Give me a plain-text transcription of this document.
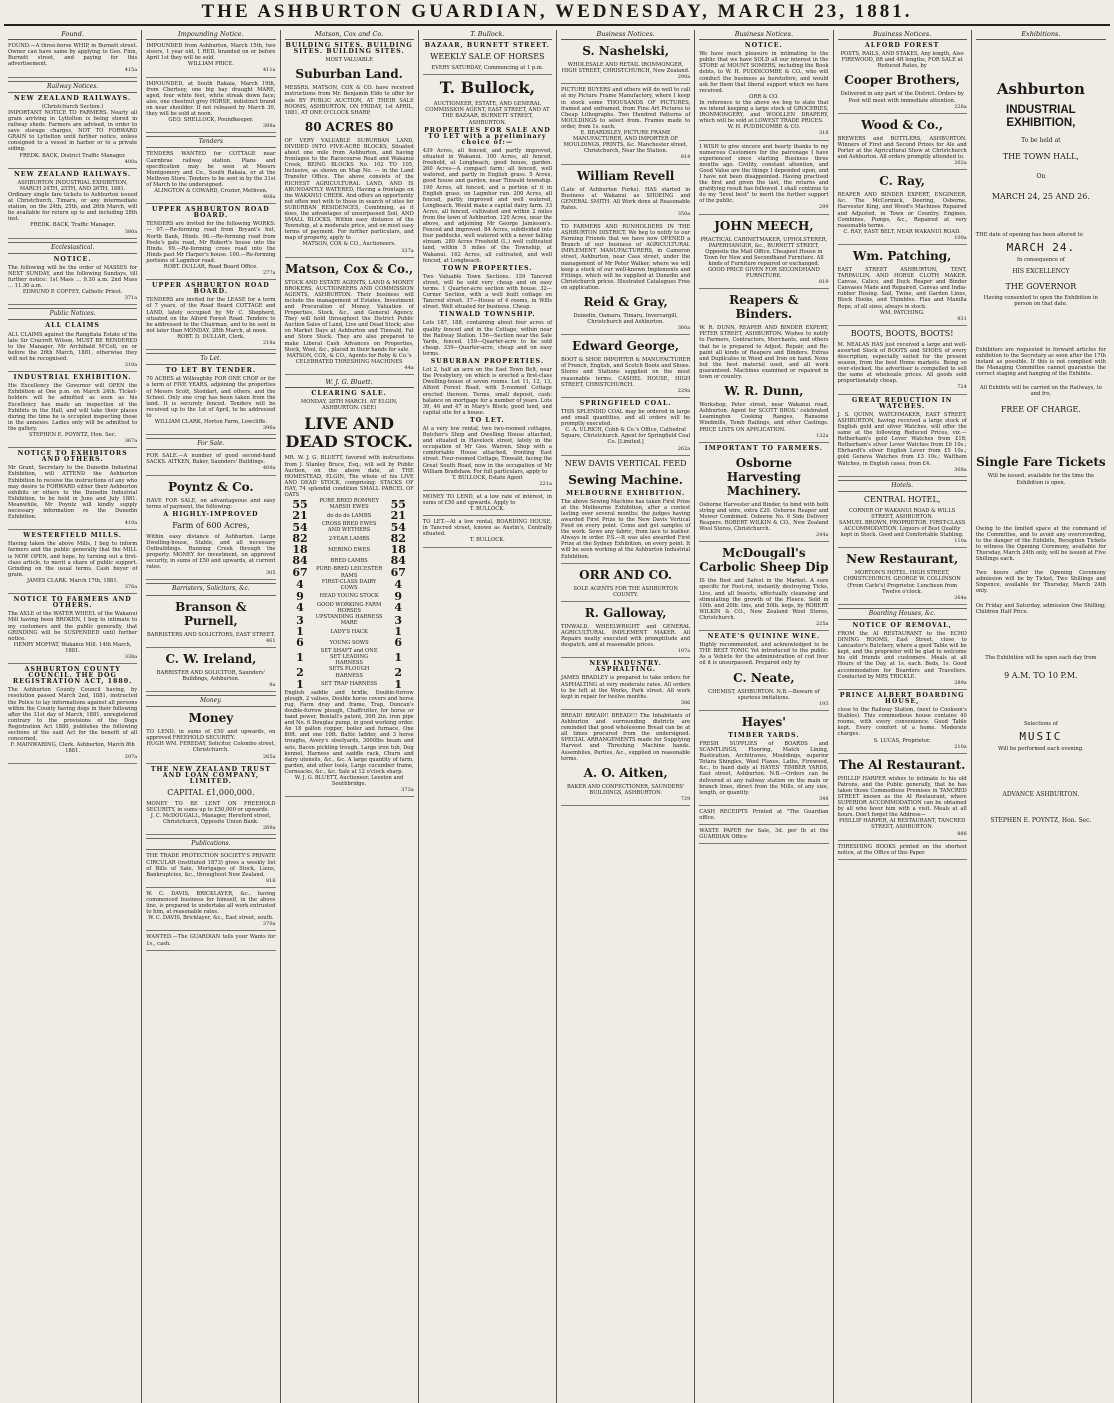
THE ASHBURTON GUARDIAN, WEDNESDAY, MARCH 23, 1881.
Found.
FOUND.—A three-horse WHIP, in Burnett street. Owner can have same by applying to Geo. Finn, Burnett street, and paying for this advertisement.
415a
Railway Notices.
NEW ZEALAND RAILWAYS.
(Christchurch Section.)
IMPORTANT NOTICE TO FARMERS. Nearly all grain arriving in Lyttelton is being stored in railway sheds. Farmers are advised, in order to save storage charges, NOT TO FORWARD GRAIN to Lyttelton until further notice, unless consigned to a vessel in harbor or to a private siding.
FREDK. BACK, District Traffic Manager.
400a
NEW ZEALAND RAILWAYS.
ASHBURTON INDUSTRIAL EXHIBITION, MARCH 24TH, 25TH, AND 26TH, 1881.
Ordinary single fare tickets to Ashburton issued at Christchurch, Timaru, or any intermediate station, on the 24th, 25th, and 26th March, will be available for return up to and including 28th inst.
FREDK. BACK, Traffic Manager.
380a
Ecclesiastical.
NOTICE.
The following will be the order of MASSES for NEXT SUNDAY, and the following Sundays, till further notice: 1st Mass ... 9.30 a.m. 2nd Mass ... 11.30 a.m.
EDMUND P. COFFEY, Catholic Priest.
371a
Public Notices.
ALL CLAIMS
ALL CLAIMS against the Rangitata Estate of the late Sir Cracroft Wilson, MUST BE RENDERED to the Manager, Mr Archibald M'Coll, on or before the 26th March, 1881, otherwise they will not be recognised.
310a
INDUSTRIAL EXHIBITION.
His Excellency the Governor will OPEN the Exhibition at One p.m. on March 24th. Ticket-holders will be admitted as soon as his Excellency has made an inspection of the Exhibits in the Hall, and will take their places during the time he is occupied inspecting those in the annexes. Ladies only will be admitted to the gallery.
STEPHEN E. POYNTZ, Hon. Sec.
367a
NOTICE TO EXHIBITORS AND OTHERS.
Mr Grant, Secretary to the Dunedin Industrial Exhibition, will ATTEND the Ashburton Exhibition to receive the instructions of any who may desire to FORWARD either their Ashburton exhibits or others to the Dunedin Industrial Exhibition, to be held in June and July 1881. Meanwhile, Mr Poyntz will kindly supply necessary information re the Dunedin Exhibition.
410a
WESTERFIELD MILLS.
Having taken the above Mills, I beg to inform farmers and the public generally that the MILL is NOW OPEN, and hope, by turning out a first-class article, to merit a share of public support. Grinding on the usual terms. Cash buyer of grain.
JAMES CLARK. March 17th, 1881.
376a
NOTICE TO FARMERS AND OTHERS.
The AXLE of the WATER WHEEL of the Wakanui Mill having been BROKEN, I beg to intimate to my customers and the public generally, that GRINDING will be SUSPENDED until further notice.
HENRY MOFFAT, Wakanui Mill. 14th March, 1881.
338a
ASHBURTON COUNTY COUNCIL. THE DOG REGISTRATION ACT, 1880.
The Ashburton County Council having, by resolution passed March 2nd, 1881, instructed the Police to lay informations against all persons within the County having dogs in their following after the 31st day of March, 1881, unregistered contrary to the provisions of the Dogs Registration Act 1880, publishes the following sections of the said Act for the benefit of all concerned.
F. MAINWARING, Clerk. Ashburton, March 8th 1881.
297a
Impounding Notice.
IMPOUNDED from Ashburton, March 15th, two steers, 1 year old, 1 RED, branded on or before April 1st they will be sold.
WILLIAM PRICE.
411a
IMPOUNDED, at South Rakaia, March 19th, from Chertsey, one big bay draught MARE, aged, four white feet, white streak down face; also, one chestnut grey HORSE, indistinct brand on near shoulder. If not released by March 30, they will be sold at noon.
GEO. SHELLOCK, Poundkeeper.
398a
Tenders
TENDERS WANTED for COTTAGE near Cairnbrae railway station. Plans and specification may be seen at Messrs Montgomery and Co., South Rakaia, or at the Methven Store. Tenders to be sent in by the 31st of March to the undersigned.
ALINGTON & COWARD, Crozier, Methven.
408a
UPPER ASHBURTON ROAD BOARD.
TENDERS are invited for the following WORKS:— 97.—Re-forming road from Bryant's hut, North Bank, Hinds. 98.—Re-forming road from Poole's gate road, Mr Robert's house into the Hinds. 99.—Re-forming cross road into the Hinds past Mr Harper's house. 100.—Re-forming portions of Lagmhor road.
ROBT. DULLAR, Road Board Office.
277a
UPPER ASHBURTON ROAD BOARD.
TENDERS are invited for the LEASE for a term of 7 years, of the Road Board COTTAGE and LAND, lately occupied by Mr C. Shepherd, situated on the Alford Forest Road. Tenders to be addressed to the Chairman, and to be sent in not later than MONDAY, 28th March, at noon.
ROBT. D. DULLAR, Clerk.
218a
To Let.
TO LET BY TENDER.
70 ACRES at Willoughby FOR ONE CROP or for a term of FIVE YEARS, adjoining the properties of Messrs Scott, Stoddart, and others, and the School. Only one crop has been taken from the land. It is securely fenced. Tenders will be received up to the 1st of April, to be addressed to
WILLIAM CLARK, Horton Farm, Lowcliffe.
396a
For Sale.
FOR SALE.—A number of good second-hand SACKS. AITKEN, Baker, Saunders' Buildings.
409a
Poyntz & Co.
HAVE FOR SALE, on advantageous and easy terms of payment, the following:
A HIGHLY-IMPROVED
Farm of 600 Acres,
Within easy distance of Ashburton. Large Dwelling-house, Stable, and all necessary Outbuildings. Running Creek through the property. MONEY for investment, on approved security, in sums of £50 and upwards, at current rates.
305
Barristers, Solicitors, &c.
Branson & Purnell,
BARRISTERS AND SOLICITORS, EAST STREET.
461
C. W. Ireland,
BARRISTER AND SOLICITOR, Saunders' Buildings, Ashburton.
8a
Money.
Money
TO LEND, in sums of £50 and upwards, on approved FREEHOLD SECURITY.
HUGH WM. FEREDAY, Solicitor, Colombo street, Christchurch.
265a
THE NEW ZEALAND TRUST AND LOAN COMPANY, LIMITED.
CAPITAL £1,000,000.
MONEY TO BE LENT ON FREEHOLD SECURITY, in sums up to £50,000 or upwards.
J. C. McDOUGALL, Manager, Hereford street, Christchurch, Opposite Union Bank.
269a
Publications.
THE TRADE PROTECTION SOCIETY'S PRIVATE CIRCULAR (instituted 1873) gives a weekly list of Bills of Sale, Mortgages of Stock, Liens, Bankruptcies, &c., throughout New Zealand.
816
W. C. DAVIS, BRICKLAYER, &c., having commenced business for himself, in the above line, is prepared to undertake all work entrusted to him, at reasonable rates.
W. C. DAVIS, Bricklayer, &c., East street, south.
370a
WANTED.—The GUARDIAN tells your Wants for 1s., cash.
Matson, Cox and Co.
BUILDING SITES. BUILDING SITES. BUILDING SITES.
MOST VALUABLE
Suburban Land.
MESSRS. MATSON, COX & CO. have received instructions from Mr. Benjamin Eldo to offer for sale BY PUBLIC AUCTION, AT THEIR SALE ROOMS, ASHBURTON, ON FRIDAY, 1st APRIL, 1881, AT ONE O'CLOCK SHARP,
80 ACRES 80
OF VERY VALUABLE SUBURBAN LAND, DIVIDED INTO FIVE-ACRE BLOCKS, Situated about one mile from Ashburton, and having frontages to the Racecourse Road and Wakanui Creek, BEING BLOCKS No. 102 TO 105, Inclusive, as shown on Map No. — in the Land Transfer Office. The above consists of the RICHEST AGRICULTURAL LAND, AND IS ABUNDANTLY WATERED, Having a frontage on the WAKANUI CREEK. And offers an opportunity not often met with to those in search of sites for SUBURBAN RESIDENCES, Combining, as it does, the advantages of unsurpassed Soil, AND SMALL BLOCKS, Within easy distance of the Township, at a moderate price, and on most easy terms of payment. For further particulars, and map of property, apply to
MATSON, COX & CO., Auctioneers.
337a
Matson, Cox & Co.,
STOCK AND ESTATE AGENTS, LAND & MONEY BROKERS, AUCTIONEERS AND COMMISSION AGENTS, ASHBURTON. Their business will include the management of Estates, Investment and Procuration of Money, Valuation of Properties, Stock, &c., and General Agency. They will hold throughout the District Public Auction Sales of Land, Live and Dead Stock; also on Market Days at Ashburton and Tinwald, Fat and Store Stock. They are also prepared to make Liberal Cash Advances on Properties, Stock, Wool, &c., placed in their hands for sale.
MATSON, COX, & CO., Agents for Roby & Co.'s CELEBRATED THRESHING MACHINES
44a
W. J. G. Bluett.
CLEARING SALE.
MONDAY, 28TH MARCH. AT ELGIN, ASHBURTON. (SEE)
LIVE AND DEAD STOCK.
MR. W. J. G. BLUETT, favored with instructions from J. Stanley Bruce, Esq., will sell by Public Auction, on the above date, at THE HOMESTEAD, ELGIN, The whole of his LIVE AND DEAD STOCK, comprising: STACKS OF HAY, 74 splendid condition SMALL PARCEL OF OATS
55	PURE BRED ROMNEY MARSH EWES	55
21	do do do LAMBS	21
54	CROSS BRED EWES AND WETHERS	54
82	2-YEAR LAMBS	82
18	MERINO EWES	18
84	BRED LAMBS	84
67	PURE-BRED LEICESTER RAMS	67
4	FIRST-CLASS DAIRY COWS	4
9	HEAD YOUNG STOCK	9
4	GOOD WORKING FARM HORSES	4
3	UPSTANDING HARNESS MARE	3
1	LADY'S HACK	1
6	YOUNG SOWS	6
1	SET SHAFT and ONE SET LEADING HARNESS	1
2	SETS PLOUGH HARNESS	2
1	SET TRAP HARNESS	1
English saddle and bridle, Double-furrow plough, 2 valises, Double horse covers and horse rug, Farm dray and frame, Trap, Duncan's double-furrow plough, Chaffcutter, for horse or hand power, Bentall's patent, 30ft 2in. iron pipe and No. 6 Douglas pump, in good working order. An 18 gallon copper, boiler and furnace, One 80ft. and one 10ft. Baltic ladder, and 3 horse troughs, Avery's steelyards, 3000lbs beam and sets, Bacon pickling trough, Large iron tub, Dog kennel, Harness and saddle rack, Churn and dairy utensils, &c., &c. A large quantity of farm, garden, and other tools, Large cucumber frame, Cornsacks, &c., &c. Sale at 12 o'clock sharp.
W. J. G. BLUETT, Auctioneer, Leeston and Southbridge.
373a
T. Bullock.
BAZAAR, BURNETT STREET.
WEEKLY SALE OF HORSES
EVERY SATURDAY, Commencing at 1 p.m.
T. Bullock,
AUCTIONEER, ESTATE, AND GENERAL COMMISSION AGENT, EAST STREET, AND AT THE BAZAAR, BURNETT STREET, ASHBURTON.
PROPERTIES FOR SALE AND TO LET with a preliminary choice of:—
439 Acres, all fenced, and partly improved, situated in Wakanui. 100 Acres, all fenced, freehold, at Longbeach, good house, garden. 260 Acres—A compact farm; all fenced, well watered, and partly in English grass. 5 Acres, good house and garden, near Tinwald township. 190 Acres, all fenced, and a portion of it in English grass, on Lagmhor run. 200 Acres, all fenced, partly improved and well watered, Longbeach. Would make a capital dairy farm. 33 Acres, all fenced, cultivated and within 2 miles from the town of Ashburton. 120 Acres, near the above, and adjoining Mr George Jamieson's. Fenced and improved. 84 Acres, subdivided into four paddocks, well watered with a never failing stream. 289 Acres Freehold (L.) well cultivated land, within 5 miles of the Township, at Wakanui. 162 Acres, all cultivated, and well fenced, at Longbeach.
TOWN PROPERTIES.
Two Valuable Town Sections. 159 Tancred street, will be sold very cheap and on easy terms. 1 Quarter-acre section with house. 32—Corner Section, with a well built cottage on Tancred street. 37—House of 4 rooms, in Wills street. Well situated for business. Cheap.
TINWALD TOWNSHIP.
Lots 187, 188, containing about four acres of quality fenced and in the Cottage, within near the Railway Station. 156—Section near the Sale Yards, fenced. 159—Quarter-acre to be sold cheap. 339—Quarter-acre, cheap and on easy terms.
SUBURBAN PROPERTIES.
Lot 2, half an acre on the East Town Belt, near the Presbytery, on which is erected a first-class Dwelling-house of seven rooms. Lot 11, 12, 13, Alford Forest Road, with 5-roomed Cottage erected thereon. Terms, small deposit, cash: balance on mortgage for a number of years. Lots 39, 46 and 47 in Mary's Block; good land, and capital site for a house.
TO LET.
At a very low rental, two two-roomed cottages, Butcher's Shop and Dwelling House attached, and situated in Havelock street, lately in the occupation of Mr Geo. Warren. Shop with a comfortable House attached, fronting East street. Four-roomed Cottage, Tinwald, facing the Great South Road, now in the occupation of Mr William Bradshaw. For full particulars, apply to
T. BULLOCK, Estate Agent
221a
MONEY TO LEND, at a low rate of interest, in sums of £50 and upwards. Apply to
T. BULLOCK.
TO LET.—At a low rental, BOARDING HOUSE, in Tancred street, known as Austin's, Centrally situated.
T. BULLOCK.
Business Notices.
S. Nashelski,
WHOLESALE AND RETAIL IRONMONGER, HIGH STREET, CHRISTCHURCH, New Zealand.
290a
PICTURE BUYERS and others will do well to call at my Picture Frame Manufactory, where I keep in stock some THOUSANDS OF PICTURES, framed and unframed, from Fine Art Pictures to Cheap Lithographs. Two Hundred Patterns of MOULDINGS to select from. Frames made to order, from 1s. each.
E. BEARDSLEY, PICTURE FRAME MANUFACTURER, AND IMPORTER OF MOULDINGS, PRINTS, &c. Manchester street, Christchurch, Near the Station.
814
William Revell
(Late of Ashburton Forks). HAS started in Business at Wakanui as SHOEING and GENERAL SMITH. All Work done at Reasonable Rates.
350a
TO FARMERS AND RUNHOLDERS IN THE ASHBURTON DISTRICT. We beg to notify to our Farming Friends that we have now OPENED a Branch of our business of AGRICULTURAL IMPLEMENT MANUFACTURERS, in Cameron street, Ashburton, near Cass street, under the management of Mr Peter Walker, where we will keep a stock of our well-known Implements and Fittings, which will be supplied at Dunedin and Christchurch prices. Illustrated Catalogues Free on application.
Reid & Gray,
Dunedin, Oamaru, Timaru, Invercargill, Christchurch and Ashburton.
360a
Edward George,
BOOT & SHOE IMPORTER & MANUFACTURER of French, English, and Scotch Boots and Shoes. Stores and Stations supplied on the most reasonable terms. CASHEL HOUSE, HIGH STREET, CHRISTCHURCH.
229a
SPRINGFIELD COAL.
THIS SPLENDID COAL may be ordered in large and small quantities, and all orders will be promptly executed.
C. A. ULRICH, Cobb & Co.'s Office, Cathedral Square, Christchurch. Agent for Springfield Coal Co. [Limited.]
262a
NEW DAVIS VERTICAL FEED
Sewing Machine.
MELBOURNE EXHIBITION.
The above Sewing Machine has taken First Prize at the Melbourne Exhibition, after a contest lasting over several months; the judges having awarded First Prize to the New Davis Vertical Feed on every point. Come and get samples of the work. Sews any fabric, from lace to leather. Always in order. P.S.—It was also awarded First Prize at the Sydney Exhibition, on every point. It will be seen working at the Ashburton Industrial Exhibition.
ORR AND CO.
SOLE AGENTS FOR THE ASHBURTON COUNTY.
R. Galloway,
TINWALD, WHEELWRIGHT and GENERAL AGRICULTURAL IMPLEMENT MAKER. All Repairs neatly executed with promptitude and despatch, and at reasonable prices.
197a
NEW INDUSTRY. ASPHALTING.
JAMES BRADLEY is prepared to take orders for ASPHALTING at very moderate rates. All orders to be left at the Works, Park street. All work kept in repair for twelve months.
386
BREAD! BREAD!! BREAD!!! The Inhabitants of Ashburton and surrounding districts are reminded that good wholesome Bread can be at all times procured from the undersigned. SPECIAL ARRANGEMENTS made for Supplying Harvest and Threshing Machine hands. Assemblies, Parties, &c., supplied on reasonable terms.
A. O. Aitken,
BAKER AND CONFECTIONER, SAUNDERS' BUILDINGS, ASHBURTON.
729
Business Notices.
NOTICE.
We have much pleasure in intimating to the public that we have SOLD all our interest in the STORE at MOUNT SOMERS, including the Book debts, to W. H. PUDDICOMBE & CO., who will conduct the business as heretofore, and would ask for them that liberal support which we have received.
ORR & CO.
In reference to the above we beg to state that we intend keeping a large stock of GROCERIES, IRONMONGERY, and WOOLLEN DRAPERY, which will be sold at LOWEST TRADE PRICES.
W. H. PUDDICOMBE & CO.
318
I WISH to give sincere and hearty thanks to my numerous Customers for the patronage I have experienced since starting Business three months ago. Civility, constant attention, and Good Value are the things I depended upon, and I have not been disappointed. Having practised the first and given the last, the returns and gratifying result has followed. I shall continue to do my "level best" to merit the further support of the public.
299
JOHN MEECH,
PRACTICAL CABINETMAKER, UPHOLSTERER, PAPERHANGER, &c., BURNETT STREET, Opposite the Mail Office. Cheapest House in Town for New and Secondhand Furniture. All kinds of Furniture repaired or exchanged. GOOD PRICE GIVEN FOR SECONDHAND FURNITURE.
819
Reapers & Binders.
W. R. DUNN, REAPER AND BINDER EXPERT, PETER STREET, ASHBURTON. Wishes to notify to Farmers, Contractors, Merchants, and others that he is prepared to Adjust, Repair, and Re-paint all kinds of Reapers and Binders. Extras and Duplicates in Wood and Iron on hand. None but the best material used, and all work guaranteed. Machines examined or repaired in town or country.
W. R. Dunn,
Workshop, Peter street, near Wakanui road, Ashburton. Agent for SCOTT BROS.' celebrated Leamington Cooking Ranges, Ransome Windmills, Tomb Railings, and other Castings. PRICE LISTS ON APPLICATION.
132a
IMPORTANT TO FARMERS.
Osborne Harvesting Machinery.
Osborne Harvester and Binder, to bind with both string and wire, extra £20. Osborne Reaper and Mower Combined. Osborne No. 6 Side Delivery Reapers. ROBERT WILKIN & CO., New Zealand Wool Stores, Christchurch.
244a
McDougall's Carbolic Sheep Dip
IS the Best and Safest in the Market. A sure specific for Foot-rot, instantly destroying Ticks, Lice, and all Insects, effectually cleansing and stimulating the growth of the Fleece. Sold in 10lb. and 20lb. tins, and 50lb. kegs, by ROBERT WILKIN & CO., New Zealand Wool Stores, Christchurch.
225a
NEATE'S QUININE WINE.
Highly recommended, and acknowledged to be THE BEST TONIC Yet introduced to the public. As a Vehicle for the administration of cod liver oil it is unsurpassed. Prepared only by
C. Neate,
CHEMIST, ASHBURTON. N.B.—Beware of spurious imitations.
193
Hayes'
TIMBER YARDS.
FRESH SUPPLIES of BOARDS and SCANTLINGS, Flooring, Match Lining, Rustication, Architraves, Mouldings, superior Totara Shingles, Wool Flaxes, Laths, Firewood, &c., to hand daily at HAYES' TIMBER YARDS, East street, Ashburton. N.B.—Orders can be delivered at any railway station on the main or branch lines, direct from the Mills, of any size, length, or quantity.
348
CASH RECEIPTS Printed at "The Guardian office.
WASTE PAPER for Sale, 3d. per lb at the GUARDIAN Office
Business Notices.
ALFORD FOREST
POSTS, RAILS, AND STAKES, Any length, Also FIREWOOD, 8ft and 4ft lengths, FOR SALE at Reduced Rates, by
Cooper Brothers,
Delivered in any part of the District. Orders by Post will meet with immediate attention.
226a
Wood & Co.,
BREWERS and BOTTLERS, ASHBURTON. Winners of First and Second Prizes for Ale and Porter at the Agricultural Show at Christchurch and Ashburton. All orders promptly attended to.
202a
C. Ray,
REAPER AND BINDER EXPERT, ENGINEER, &c. The McCormick, Deering, Osborne, Harvester King, and Wood's Machines Repaired and Adjusted, in Town or Country. Engines, Combines, Pumps, &c., Repaired at very reasonable terms.
C. RAY, EAST BELT, NEAR WAKANUI ROAD.
100a
Wm. Patching,
EAST STREET ASHBURTON, TENT, TARPAULIN, AND HORSE CLOTH MAKER. Canvas, Calico, and Duck Reaper and Binder Canvases Made and Repaired. Canvas and India-rubber Hosing. Sail, Twine, and Garden Lines, Block Hooks, and Thimbles. Flax and Manilla Rope, of all sizes, always in stock.
WM. PATCHING.
931
BOOTS, BOOTS, BOOTS!
M. NEALAS HAS just received a large and well-assorted Stock of BOOTS and SHOES of every description, especially suited for the present season, from the best Home markets. Being so over-stocked, the advertiser is compelled to sell the same at wholesale prices. All goods sold proportionately cheap.
724
GREAT REDUCTION IN WATCHES.
J. S. QUINN, WATCHMAKER, EAST STREET, ASHBURTON, having received a large stock of English gold and silver Watches, will offer the same at the following Reduced Prices, viz.—Rotherham's gold Lever Watches from £18; Rotherham's silver Lever Watches from £6 10s.; Ehrhardt's silver English Lever from £5 10s.; gold Geneva Watches from £3 10s.; Waltham Watches, in English cases, from £4.
308a
Hotels.
CENTRAL HOTEL,
CORNER OF WAKANUI ROAD & WILLS STREET, ASHBURTON.
SAMUEL BROWN, PROPRIETOR. FIRST-CLASS ACCOMMODATION. Liquors of Best Quality kept in Stock. Good and Comfortable Stabling.
110a
New Restaurant,
MORTON'S HOTEL. HIGH STREET, CHRISTCHURCH. GEORGE W. COLLINSON (From Carle's) Proprietor. Luncheon from Twelve o'clock.
264a
Boarding Houses, &c.
NOTICE OF REMOVAL,
FROM the AI RESTAURANT to the ECHO DINING ROOMS, East Street, close to Lancaster's Butchery, where a good Table will be kept, and the proprietor will be glad to welcome his old friends and customers. Meals at all Hours of the Day, at 1s. each. Beds, 1s. Good accommodation for Boarders and Travellers. Conducted by MRS TRICKLE.
289a
PRINCE ALBERT BOARDING HOUSE,
close to the Railway Station, (next to Cookson's Stables). This commodious house contains 40 rooms, with every convenience. Good Table kept. Every comfort of a home. Moderate charges.
S. LUCAS, Proprietor.
210a
The Al Restaurant.
PHILLIP HARPER wishes to intimate to his old Patrons, and the Public generally, that he has taken those Commodious Premises in TANCRED STREET known as the AI Restaurant, where SUPERIOR ACCOMMODATION can be obtained by all who favor him with a visit. Meals at all hours. Don't forget the Address—
PHILLIP HARPER, AI RESTAURANT, TANCRED STREET, ASHBURTON.
886
THRESHING BOOKS printed on the shortest notice, at the Office of this Paper.
Exhibitions.
Ashburton
INDUSTRIAL EXHIBITION,
To be held at
THE TOWN HALL,
On
MARCH 24, 25 AND 26.
THE date of opening has been altered to
MARCH 24.
In consequence of
HIS EXCELLENCY
THE GOVERNOR
Having consented to open the Exhibition in person on that date.
Exhibitors are requested to forward articles for exhibition to the Secretary as soon after the 17th instant as possible. If this is not complied with the Managing Committee cannot guarantee the correct staging and hanging of the Exhibits.
All Exhibits will be carried on the Railways, to and fro,
FREE OF CHARGE.
Single Fare Tickets
Will be issued, available for the time the Exhibition is open.
Owing to the limited space at the command of the Committee, and to avoid any overcrowding, to the danger of the Exhibits, Reception Tickets to witness the Opening Ceremony, available for Thursday, March 24th only, will be issued at Five Shillings each.
Two hours after the Opening Ceremony admission will be by Ticket, Two Shillings and Sixpence, available for Thursday, March 24th only.
On Friday and Saturday, admission One Shilling; Children Half Price.
The Exhibition will be open each day from
9 A.M. TO 10 P.M.
Selections of
MUSIC
Will be performed each evening.
ADVANCE ASHBURTON.
STEPHEN E. POYNTZ, Hon. Sec.
